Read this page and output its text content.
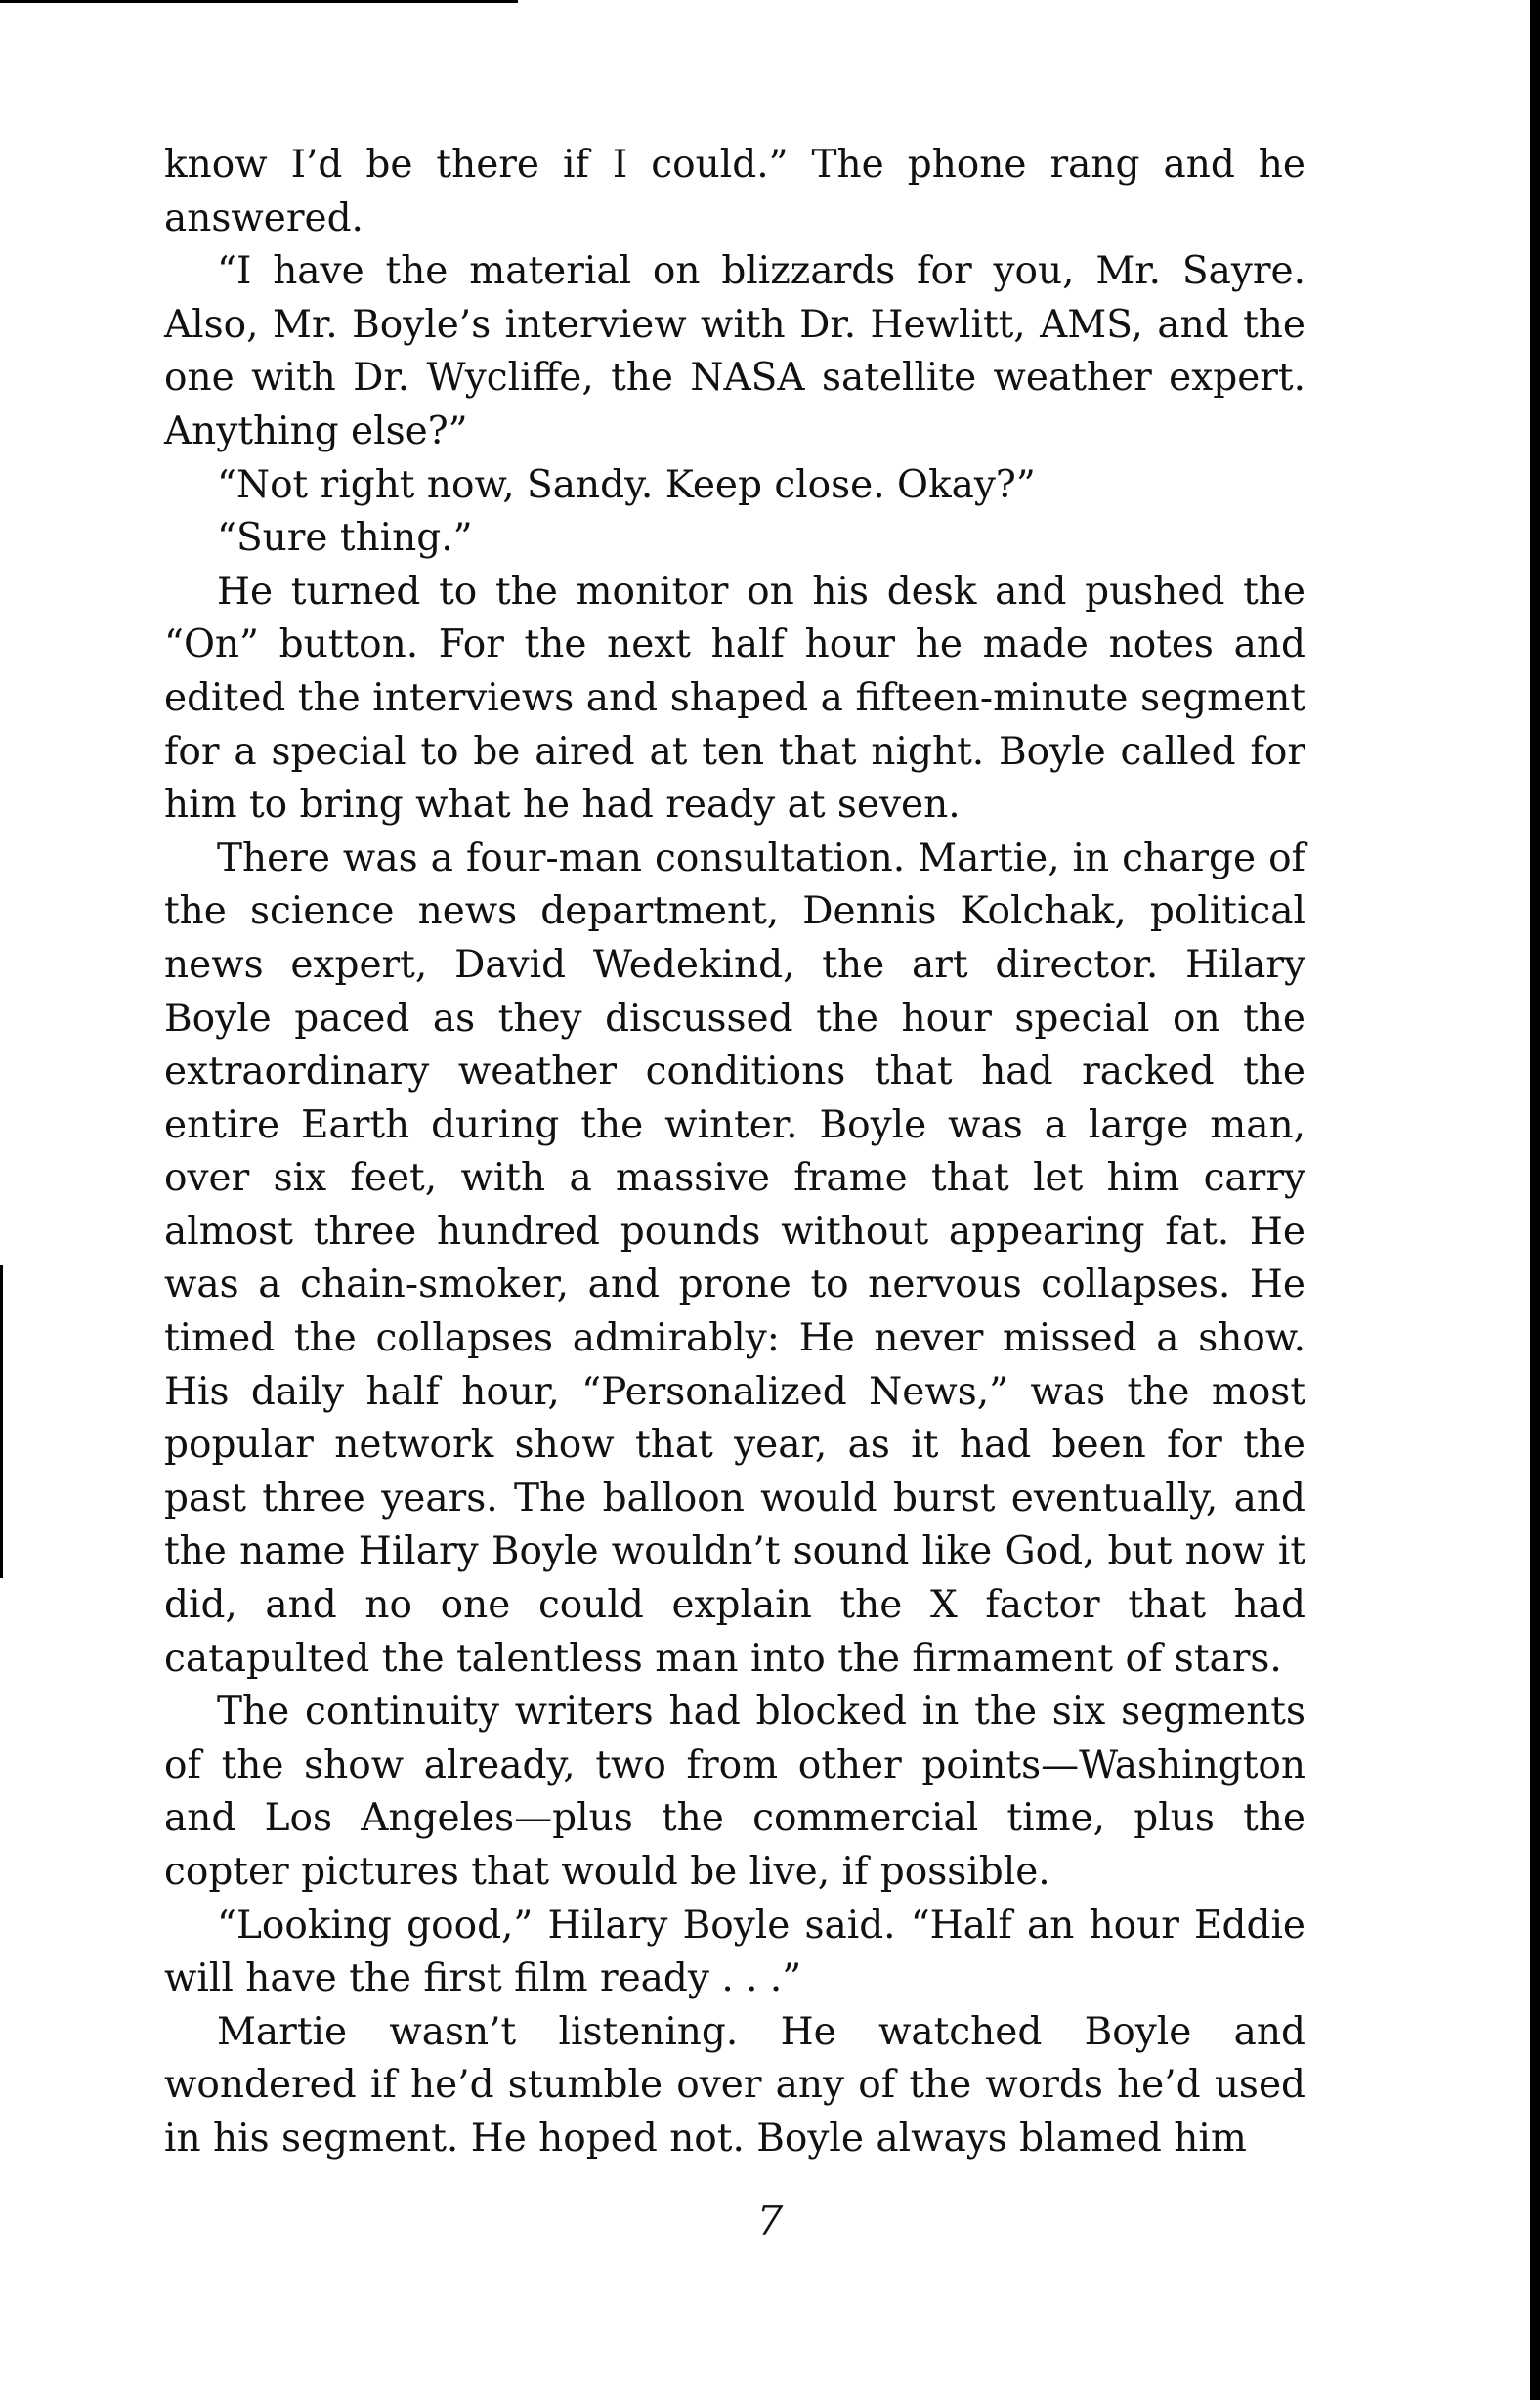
know I’d be there if I could.” The phone rang and he answered.

“I have the material on blizzards for you, Mr. Sayre. Also, Mr. Boyle’s interview with Dr. Hewlitt, AMS, and the one with Dr. Wycliffe, the NASA satellite weather expert. Anything else?”

“Not right now, Sandy. Keep close. Okay?”

“Sure thing.”

He turned to the monitor on his desk and pushed the “On” button. For the next half hour he made notes and edited the interviews and shaped a fifteen-minute segment for a special to be aired at ten that night. Boyle called for him to bring what he had ready at seven.

There was a four-man consultation. Martie, in charge of the science news department, Dennis Kolchak, political news expert, David Wedekind, the art director. Hilary Boyle paced as they discussed the hour special on the extraordinary weather conditions that had racked the entire Earth during the winter. Boyle was a large man, over six feet, with a massive frame that let him carry almost three hundred pounds without appearing fat. He was a chain-smoker, and prone to nervous collapses. He timed the collapses admirably: He never missed a show. His daily half hour, “Personalized News,” was the most popular network show that year, as it had been for the past three years. The balloon would burst eventually, and the name Hilary Boyle wouldn’t sound like God, but now it did, and no one could explain the X factor that had catapulted the talentless man into the firmament of stars.

The continuity writers had blocked in the six segments of the show already, two from other points—Washington and Los Angeles—plus the commercial time, plus the copter pictures that would be live, if possible.

“Looking good,” Hilary Boyle said. “Half an hour Eddie will have the first film ready . . .”

Martie wasn’t listening. He watched Boyle and wondered if he’d stumble over any of the words he’d used in his segment. He hoped not. Boyle always blamed him

7
